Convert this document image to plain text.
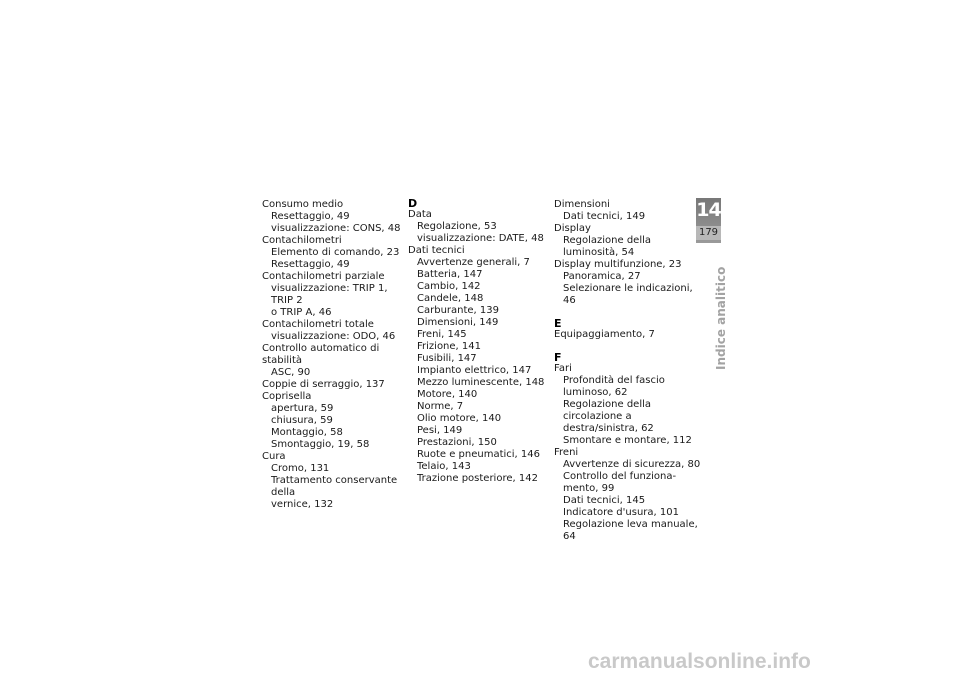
Consumo medio
Resettaggio, 49
visualizzazione: CONS, 48
Contachilometri
Elemento di comando, 23
Resettaggio, 49
Contachilometri parziale
visualizzazione: TRIP 1, TRIP 2
o TRIP A, 46
Contachilometri totale
visualizzazione: ODO, 46
Controllo automatico di stabilità
ASC, 90
Coppie di serraggio, 137
Coprisella
apertura, 59
chiusura, 59
Montaggio, 58
Smontaggio, 19, 58
Cura
Cromo, 131
Trattamento conservante della
vernice, 132
D
Data
Regolazione, 53
visualizzazione: DATE, 48
Dati tecnici
Avvertenze generali, 7
Batteria, 147
Cambio, 142
Candele, 148
Carburante, 139
Dimensioni, 149
Freni, 145
Frizione, 141
Fusibili, 147
Impianto elettrico, 147
Mezzo luminescente, 148
Motore, 140
Norme, 7
Olio motore, 140
Pesi, 149
Prestazioni, 150
Ruote e pneumatici, 146
Telaio, 143
Trazione posteriore, 142
Dimensioni
Dati tecnici, 149
Display
Regolazione della
luminosità, 54
Display multifunzione, 23
Panoramica, 27
Selezionare le indicazioni, 46
E
Equipaggiamento, 7
F
Fari
Profondità del fascio
luminoso, 62
Regolazione della circolazione a
destra/sinistra, 62
Smontare e montare, 112
Freni
Avvertenze di sicurezza, 80
Controllo del funziona-
mento, 99
Dati tecnici, 145
Indicatore d'usura, 101
Regolazione leva manuale, 64
14
179
Indice analitico
carmanualsonline.info
